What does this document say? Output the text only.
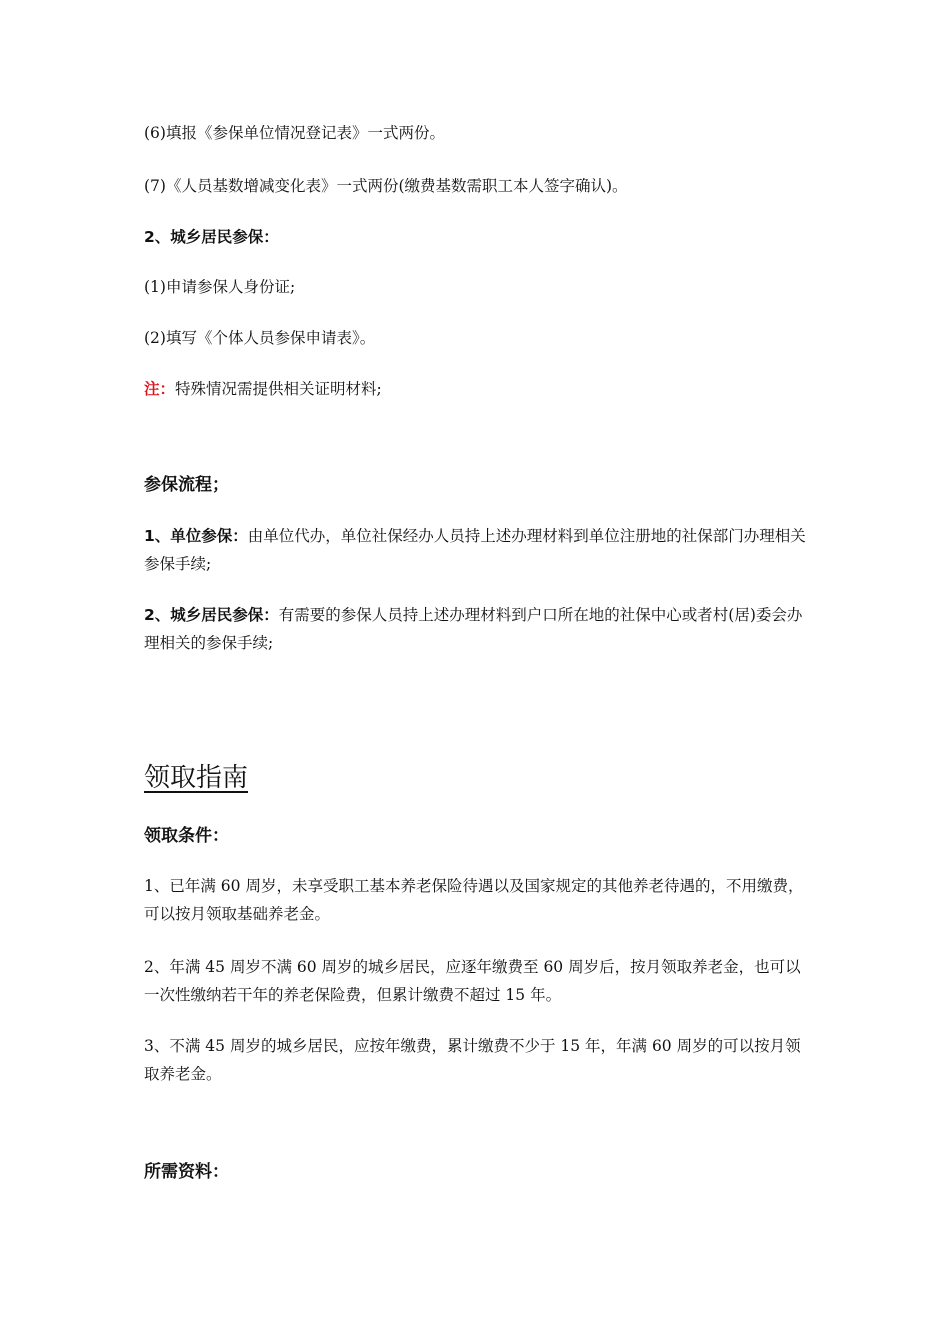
(6)填报《参保单位情况登记表》一式两份。
(7)《人员基数增减变化表》一式两份(缴费基数需职工本人签字确认)。
2、城乡居民参保：
(1)申请参保人身份证;
(2)填写《个体人员参保申请表》。
注：特殊情况需提供相关证明材料;
参保流程；
1、单位参保：由单位代办，单位社保经办人员持上述办理材料到单位注册地的社保部门办理相关参保手续;
2、城乡居民参保：有需要的参保人员持上述办理材料到户口所在地的社保中心或者村(居)委会办理相关的参保手续;
领取指南
领取条件：
1、已年满 60 周岁，未享受职工基本养老保险待遇以及国家规定的其他养老待遇的，不用缴费，可以按月领取基础养老金。
2、年满 45 周岁不满 60 周岁的城乡居民，应逐年缴费至 60 周岁后，按月领取养老金，也可以一次性缴纳若干年的养老保险费，但累计缴费不超过 15 年。
3、不满 45 周岁的城乡居民，应按年缴费，累计缴费不少于 15 年，年满 60 周岁的可以按月领取养老金。
所需资料：
